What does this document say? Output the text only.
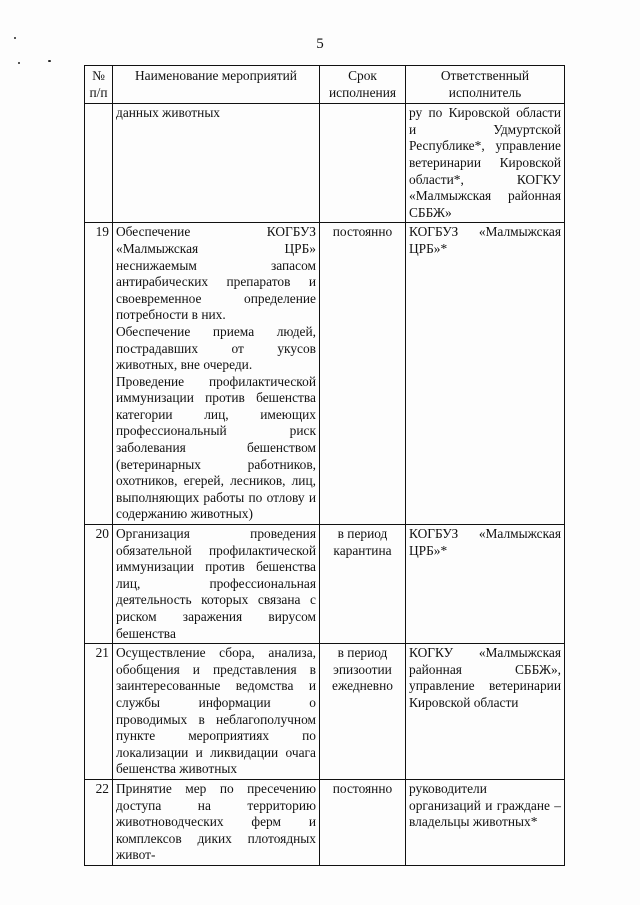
5
№ п/п	Наименование мероприятий	Срок исполнения	Ответственный исполнитель

	данных животных		ру по Кировской области и Удмуртской Республике*, управление ветеринарии Кировской области*, КОГКУ «Малмыжская районная СББЖ»
19	Обеспечение КОГБУЗ «Малмыжская ЦРБ» неснижаемым запасом антирабических препаратов и своевременное определение потребности в них.
Обеспечение приема людей, пострадавших от укусов животных, вне очереди.
Проведение профилактической иммунизации против бешенства категории лиц, имеющих профессиональный риск заболевания бешенством (ветеринарных работников, охотников, егерей, лесников, лиц, выполняющих работы по отлову и содержанию животных)	постоянно	КОГБУЗ «Малмыжская ЦРБ»*
20	Организация проведения обязательной профилактической иммунизации против бешенства лиц, профессиональная деятельность которых связана с риском заражения вирусом бешенства	в период карантина	КОГБУЗ «Малмыжская ЦРБ»*
21	Осуществление сбора, анализа, обобщения и представления в заинтересованные ведомства и службы информации о проводимых в неблагополучном пункте мероприятиях по локализации и ликвидации очага бешенства животных	в период эпизоотии ежедневно	КОГКУ «Малмыжская районная СББЖ», управление ветеринарии Кировской области
22	Принятие мер по пресечению доступа на территорию животноводческих ферм и комплексов диких плотоядных живот-	постоянно	руководители организаций и граждане – владельцы животных*
